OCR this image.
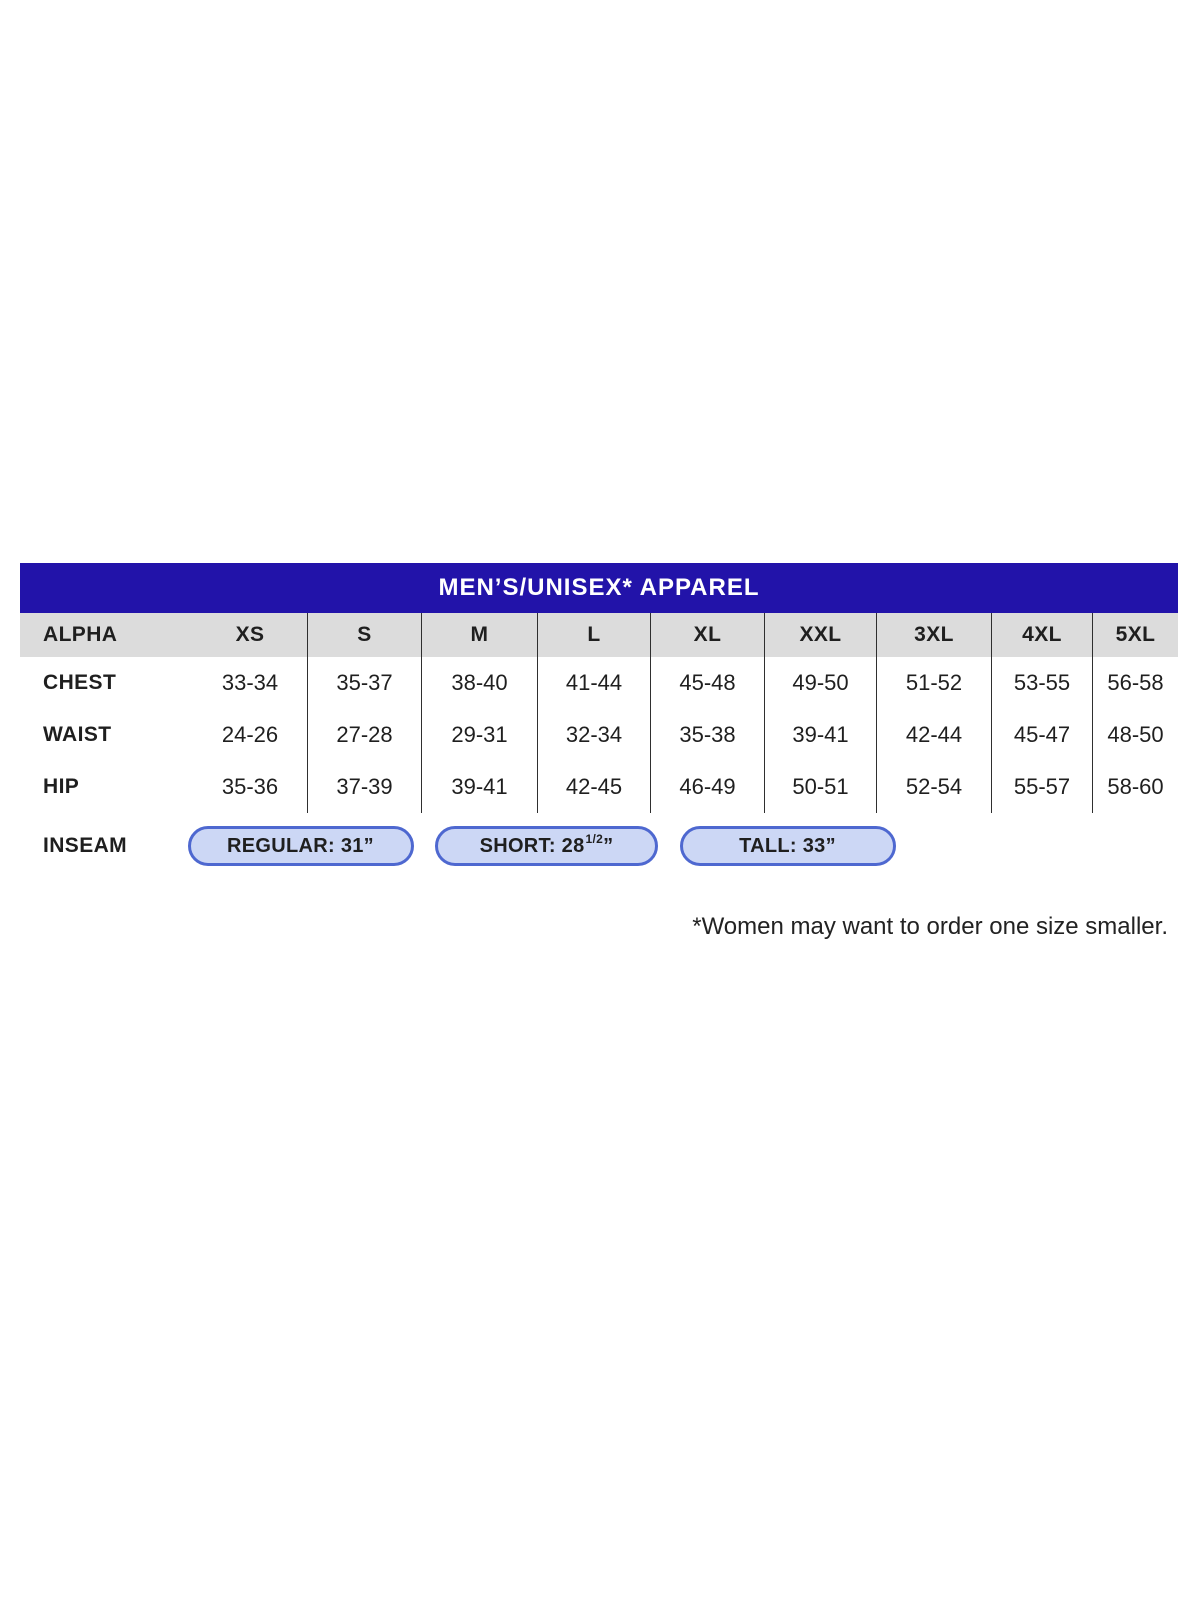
MEN’S/UNISEX* APPAREL
ALPHA	XS	S	M	L	XL	XXL	3XL	4XL	5XL
CHEST	33-34	35-37	38-40	41-44	45-48	49-50	51-52	53-55	56-58
WAIST	24-26	27-28	29-31	32-34	35-38	39-41	42-44	45-47	48-50
HIP	35-36	37-39	39-41	42-45	46-49	50-51	52-54	55-57	58-60
INSEAM	REGULAR: 31”	SHORT: $28^{1/2}$ ”	TALL: 33”
*Women may want to order one size smaller.
